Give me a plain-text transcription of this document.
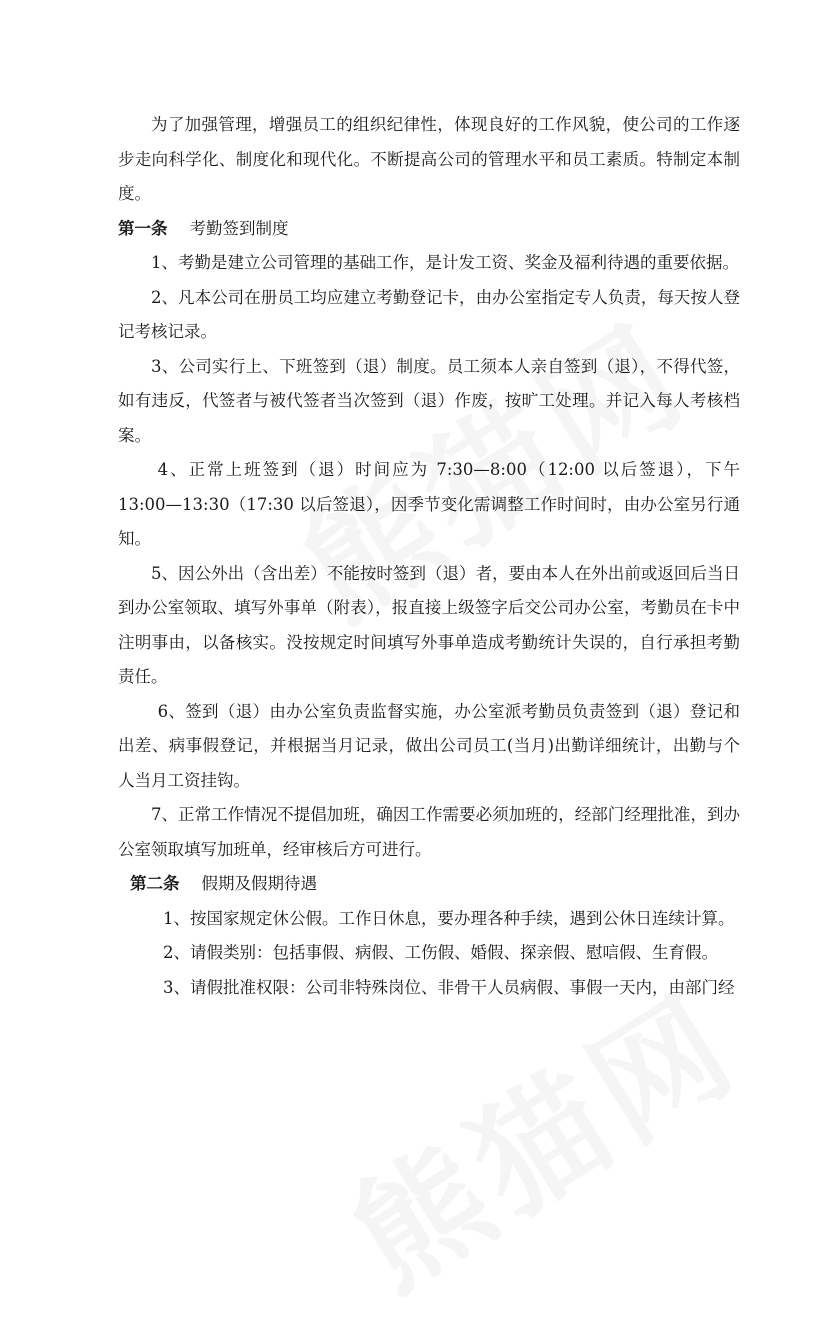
为了加强管理，增强员工的组织纪律性，体现良好的工作风貌，使公司的工作逐步走向科学化、制度化和现代化。不断提高公司的管理水平和员工素质。特制定本制度。

第一条 考勤签到制度

1、考勤是建立公司管理的基础工作，是计发工资、奖金及福利待遇的重要依据。

2、凡本公司在册员工均应建立考勤登记卡，由办公室指定专人负责，每天按人登记考核记录。

3、公司实行上、下班签到（退）制度。员工须本人亲自签到（退），不得代签，如有违反，代签者与被代签者当次签到（退）作废，按旷工处理。并记入每人考核档案。

4、正常上班签到（退）时间应为 7:30—8:00（12:00 以后签退），下午 13:00—13:30（17:30 以后签退），因季节变化需调整工作时间时，由办公室另行通知。

5、因公外出（含出差）不能按时签到（退）者，要由本人在外出前或返回后当日到办公室领取、填写外事单（附表），报直接上级签字后交公司办公室，考勤员在卡中注明事由，以备核实。没按规定时间填写外事单造成考勤统计失误的，自行承担考勤责任。

6、签到（退）由办公室负责监督实施，办公室派考勤员负责签到（退）登记和出差、病事假登记，并根据当月记录，做出公司员工(当月)出勤详细统计，出勤与个人当月工资挂钩。

7、正常工作情况不提倡加班，确因工作需要必须加班的，经部门经理批准，到办公室领取填写加班单，经审核后方可进行。

第二条 假期及假期待遇

1、按国家规定休公假。工作日休息，要办理各种手续，遇到公休日连续计算。

2、请假类别：包括事假、病假、工伤假、婚假、探亲假、慰唁假、生育假。

3、请假批准权限：公司非特殊岗位、非骨干人员病假、事假一天内，由部门经
